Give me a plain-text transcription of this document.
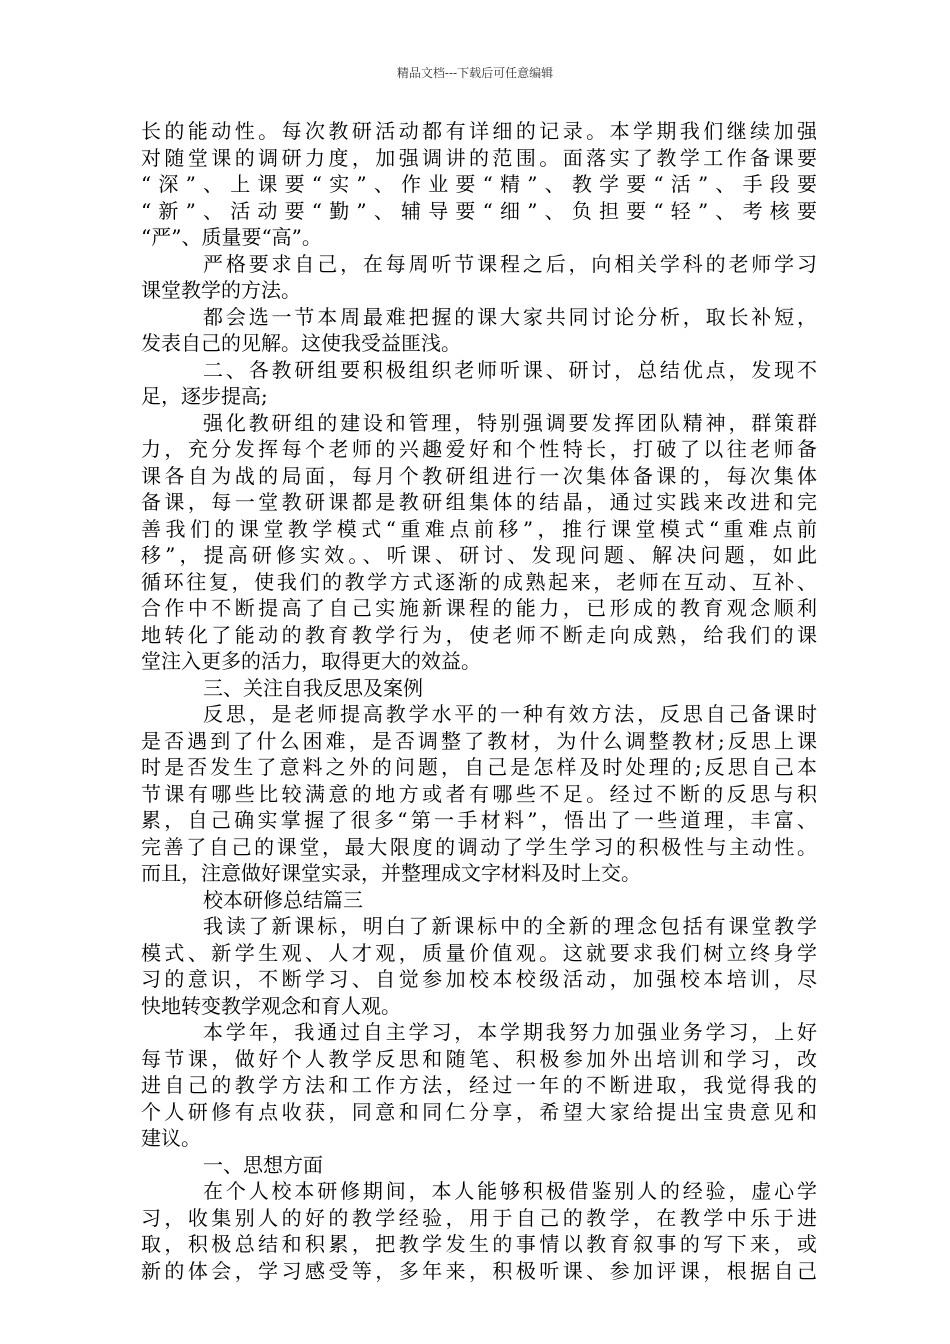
精品文档---下载后可任意编辑
长的能动性。每次教研活动都有详细的记录。本学期我们继续加强
对随堂课的调研力度，加强调讲的范围。面落实了教学工作备课要
“深”、上课要“实”、作业要“精”、教学要“活”、手段要
“新”、活动要“勤”、辅导要“细”、负担要“轻”、考核要
“严”、质量要“高”。
严格要求自己，在每周听节课程之后，向相关学科的老师学习
课堂教学的方法。
都会选一节本周最难把握的课大家共同讨论分析，取长补短，
发表自己的见解。这使我受益匪浅。
二、各教研组要积极组织老师听课、研讨，总结优点，发现不
足，逐步提高;
强化教研组的建设和管理，特别强调要发挥团队精神，群策群
力，充分发挥每个老师的兴趣爱好和个性特长，打破了以往老师备
课各自为战的局面，每月个教研组进行一次集体备课的，每次集体
备课，每一堂教研课都是教研组集体的结晶，通过实践来改进和完
善我们的课堂教学模式“重难点前移”，推行课堂模式“重难点前
移”，提高研修实效。、听课、研讨、发现问题、解决问题，如此
循环往复，使我们的教学方式逐渐的成熟起来，老师在互动、互补、
合作中不断提高了自己实施新课程的能力，已形成的教育观念顺利
地转化了能动的教育教学行为，使老师不断走向成熟，给我们的课
堂注入更多的活力，取得更大的效益。
三、关注自我反思及案例
反思，是老师提高教学水平的一种有效方法，反思自己备课时
是否遇到了什么困难，是否调整了教材，为什么调整教材;反思上课
时是否发生了意料之外的问题，自己是怎样及时处理的;反思自己本
节课有哪些比较满意的地方或者有哪些不足。经过不断的反思与积
累，自己确实掌握了很多“第一手材料”，悟出了一些道理，丰富、
完善了自己的课堂，最大限度的调动了学生学习的积极性与主动性。
而且，注意做好课堂实录，并整理成文字材料及时上交。
校本研修总结篇三
我读了新课标，明白了新课标中的全新的理念包括有课堂教学
模式、新学生观、人才观，质量价值观。这就要求我们树立终身学
习的意识，不断学习、自觉参加校本校级活动，加强校本培训，尽
快地转变教学观念和育人观。
本学年，我通过自主学习，本学期我努力加强业务学习，上好
每节课，做好个人教学反思和随笔、积极参加外出培训和学习，改
进自己的教学方法和工作方法，经过一年的不断进取，我觉得我的
个人研修有点收获，同意和同仁分享，希望大家给提出宝贵意见和
建议。
一、思想方面
在个人校本研修期间，本人能够积极借鉴别人的经验，虚心学
习，收集别人的好的教学经验，用于自己的教学，在教学中乐于进
取，积极总结和积累，把教学发生的事情以教育叙事的写下来，或
新的体会，学习感受等，多年来，积极听课、参加评课，根据自己
